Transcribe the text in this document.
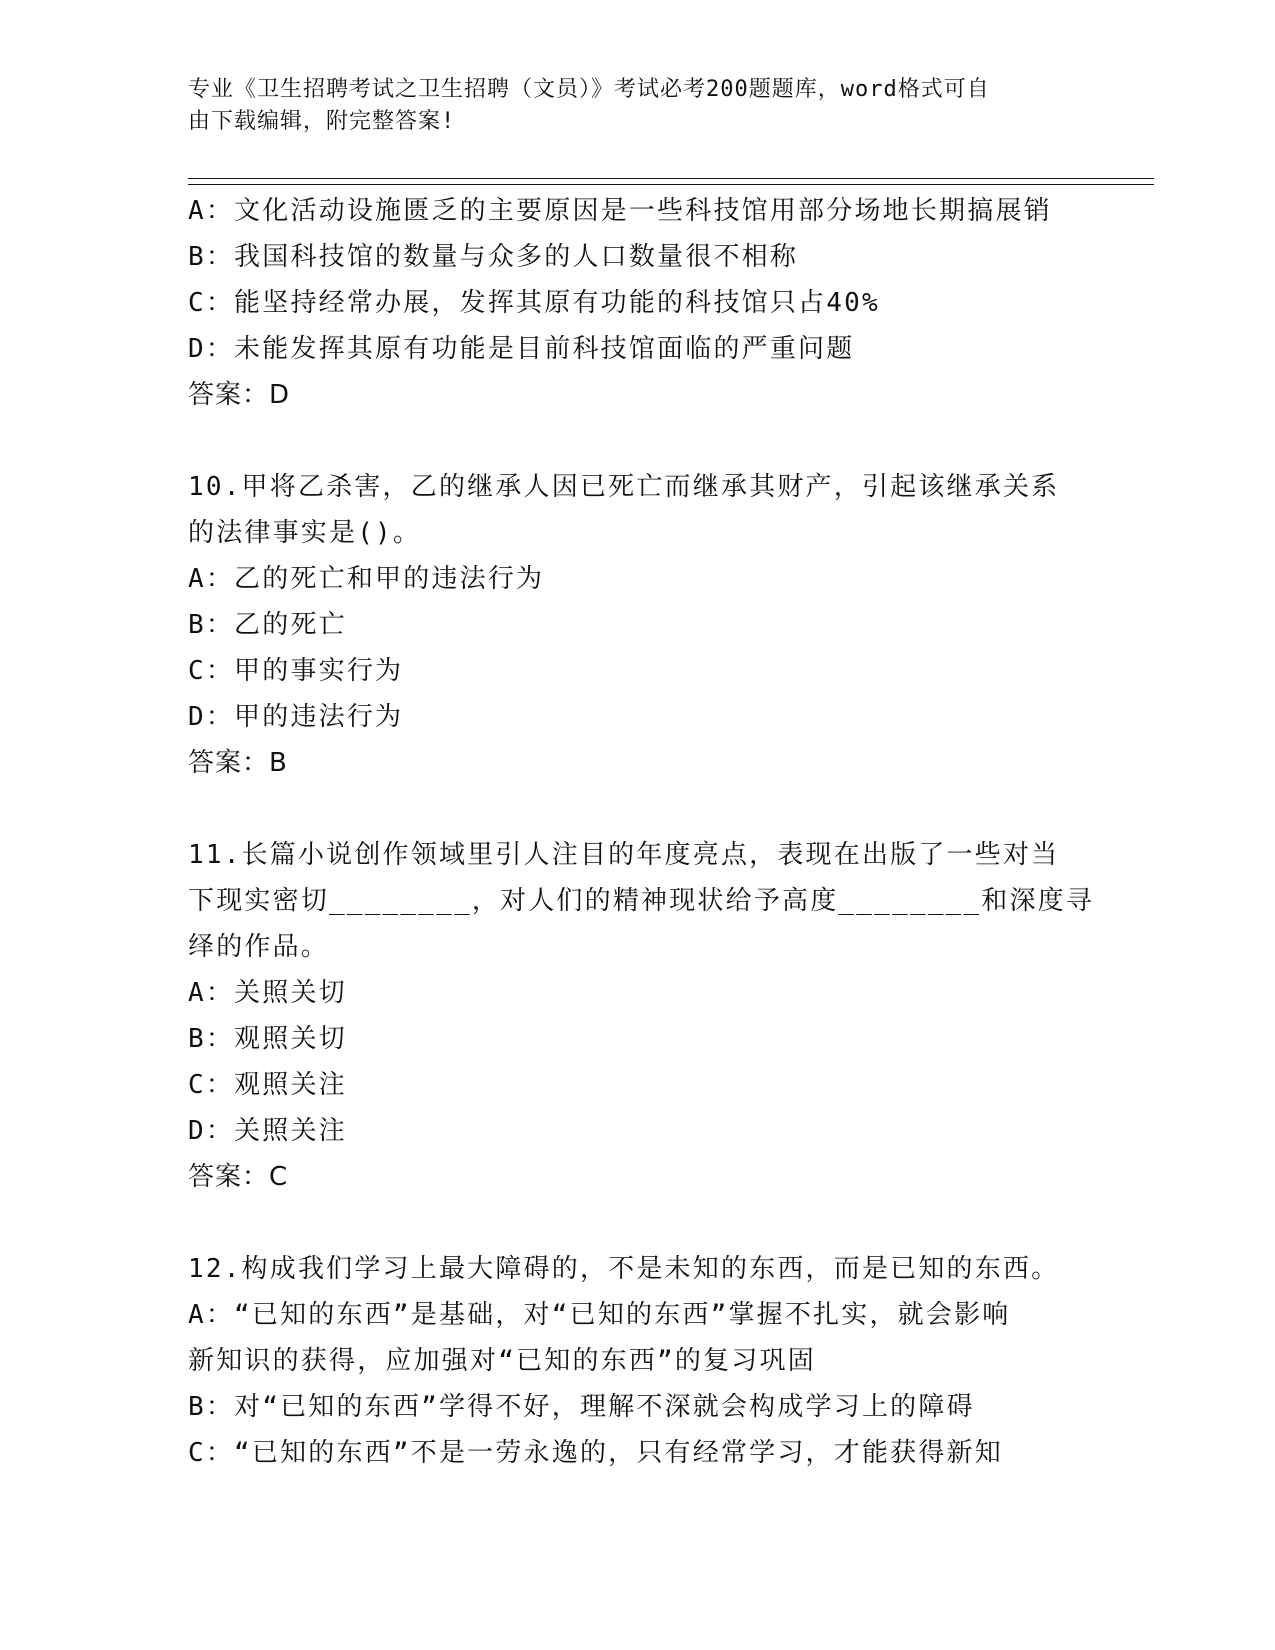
专业《卫生招聘考试之卫生招聘（文员）》考试必考200题题库，word格式可自
由下载编辑，附完整答案!
A：文化活动设施匮乏的主要原因是一些科技馆用部分场地长期搞展销
B：我国科技馆的数量与众多的人口数量很不相称
C：能坚持经常办展，发挥其原有功能的科技馆只占40%
D：未能发挥其原有功能是目前科技馆面临的严重问题
答案：D
10.甲将乙杀害，乙的继承人因已死亡而继承其财产，引起该继承关系
的法律事实是()。
A：乙的死亡和甲的违法行为
B：乙的死亡
C：甲的事实行为
D：甲的违法行为
答案：B
11.长篇小说创作领域里引人注目的年度亮点，表现在出版了一些对当
下现实密切________，对人们的精神现状给予高度________和深度寻
绎的作品。
A：关照关切
B：观照关切
C：观照关注
D：关照关注
答案：C
12.构成我们学习上最大障碍的，不是未知的东西，而是已知的东西。
A：“已知的东西”是基础，对“已知的东西”掌握不扎实，就会影响
新知识的获得，应加强对“已知的东西”的复习巩固
B：对“已知的东西”学得不好，理解不深就会构成学习上的障碍
C：“已知的东西”不是一劳永逸的，只有经常学习，才能获得新知
